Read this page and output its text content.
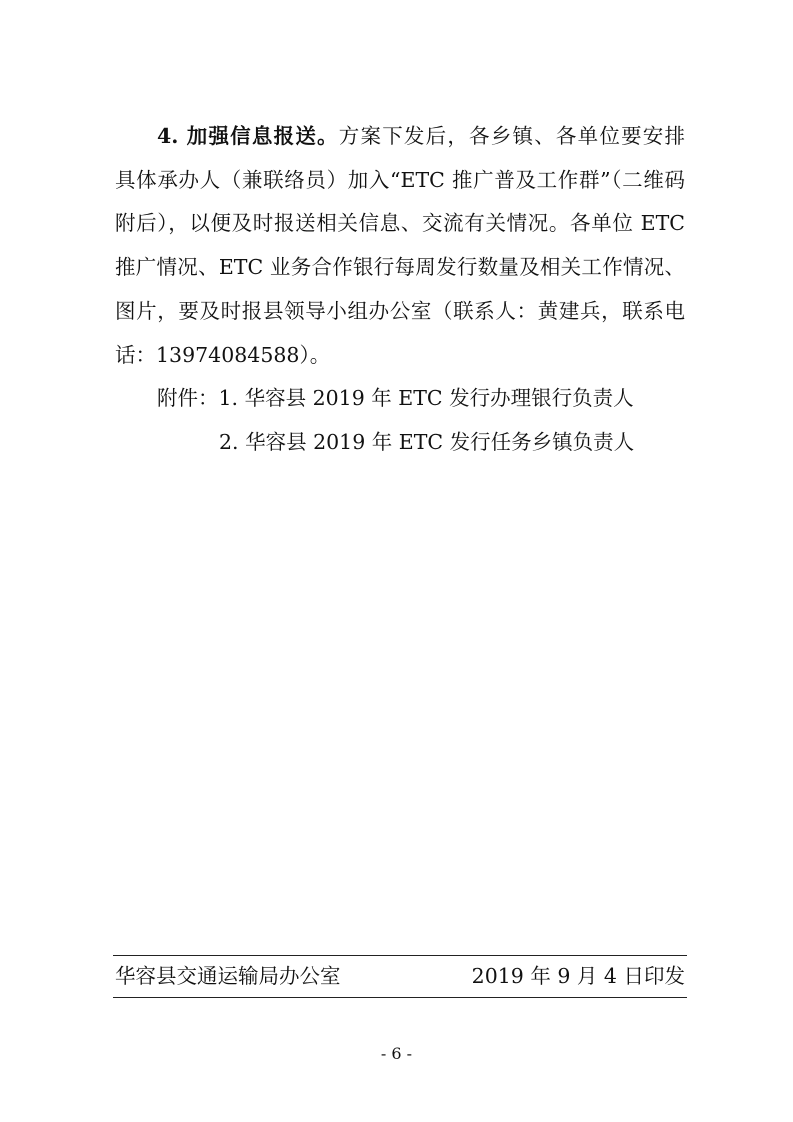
4. 加强信息报送。方案下发后，各乡镇、各单位要安排
具体承办人（兼联络员）加入“ETC 推广普及工作群”（二维码
附后），以便及时报送相关信息、交流有关情况。各单位 ETC
推广情况、ETC 业务合作银行每周发行数量及相关工作情况、
图片，要及时报县领导小组办公室（联系人：黄建兵，联系电
话：13974084588）。
附件：1. 华容县 2019 年 ETC 发行办理银行负责人
2. 华容县 2019 年 ETC 发行任务乡镇负责人
华容县交通运输局办公室	2019 年 9 月 4 日印发
- 6 -
